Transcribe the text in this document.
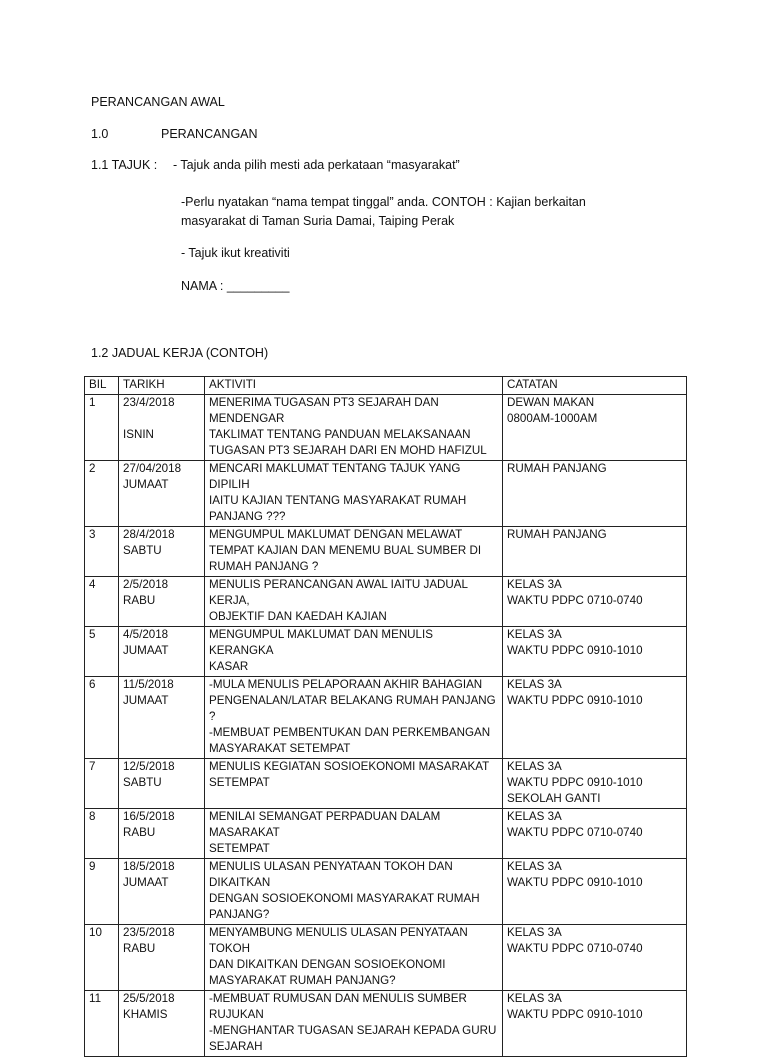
PERANCANGAN AWAL
1.0	PERANCANGAN
1.1 TAJUK : - Tajuk anda pilih mesti ada perkataan “masyarakat”
-Perlu nyatakan “nama tempat tinggal” anda. CONTOH : Kajian berkaitan masyarakat di Taman Suria Damai, Taiping Perak
- Tajuk ikut kreativiti
NAMA : _________
1.2 JADUAL KERJA (CONTOH)
BIL	TARIKH	AKTIVITI	CATATAN
1	23/4/2018
ISNIN	MENERIMA TUGASAN PT3 SEJARAH DAN MENDENGAR
TAKLIMAT TENTANG PANDUAN MELAKSANAAN
TUGASAN PT3 SEJARAH DARI EN MOHD HAFIZUL	DEWAN MAKAN
0800AM-1000AM

2	27/04/2018
JUMAAT	MENCARI MAKLUMAT TENTANG TAJUK YANG DIPILIH
IAITU KAJIAN TENTANG MASYARAKAT RUMAH
PANJANG ???	RUMAH PANJANG

3	28/4/2018
SABTU	MENGUMPUL MAKLUMAT DENGAN MELAWAT
TEMPAT KAJIAN DAN MENEMU BUAL SUMBER DI
RUMAH PANJANG ?	RUMAH PANJANG

4	2/5/2018
RABU	MENULIS PERANCANGAN AWAL IAITU JADUAL KERJA,
OBJEKTIF DAN KAEDAH KAJIAN	KELAS 3A
WAKTU PDPC 0710-0740

5	4/5/2018
JUMAAT	MENGUMPUL MAKLUMAT DAN MENULIS KERANGKA
KASAR	KELAS 3A
WAKTU PDPC 0910-1010

6	11/5/2018
JUMAAT	-MULA MENULIS PELAPORAAN AKHIR BAHAGIAN
PENGENALAN/LATAR BELAKANG RUMAH PANJANG ?
-MEMBUAT PEMBENTUKAN DAN PERKEMBANGAN
MASYARAKAT SETEMPAT	KELAS 3A
WAKTU PDPC 0910-1010

7	12/5/2018
SABTU	MENULIS KEGIATAN SOSIOEKONOMI MASARAKAT
SETEMPAT	KELAS 3A
WAKTU PDPC 0910-1010
SEKOLAH GANTI

8	16/5/2018
RABU	MENILAI SEMANGAT PERPADUAN DALAM MASARAKAT
SETEMPAT	KELAS 3A
WAKTU PDPC 0710-0740

9	18/5/2018
JUMAAT	MENULIS ULASAN PENYATAAN TOKOH DAN DIKAITKAN
DENGAN SOSIOEKONOMI MASYARAKAT RUMAH
PANJANG?	KELAS 3A
WAKTU PDPC 0910-1010

10	23/5/2018
RABU	MENYAMBUNG MENULIS ULASAN PENYATAAN TOKOH
DAN DIKAITKAN DENGAN SOSIOEKONOMI
MASYARAKAT RUMAH PANJANG?	KELAS 3A
WAKTU PDPC 0710-0740

11	25/5/2018
KHAMIS	-MEMBUAT RUMUSAN DAN MENULIS SUMBER
RUJUKAN
-MENGHANTAR TUGASAN SEJARAH KEPADA GURU
SEJARAH	KELAS 3A
WAKTU PDPC 0910-1010
